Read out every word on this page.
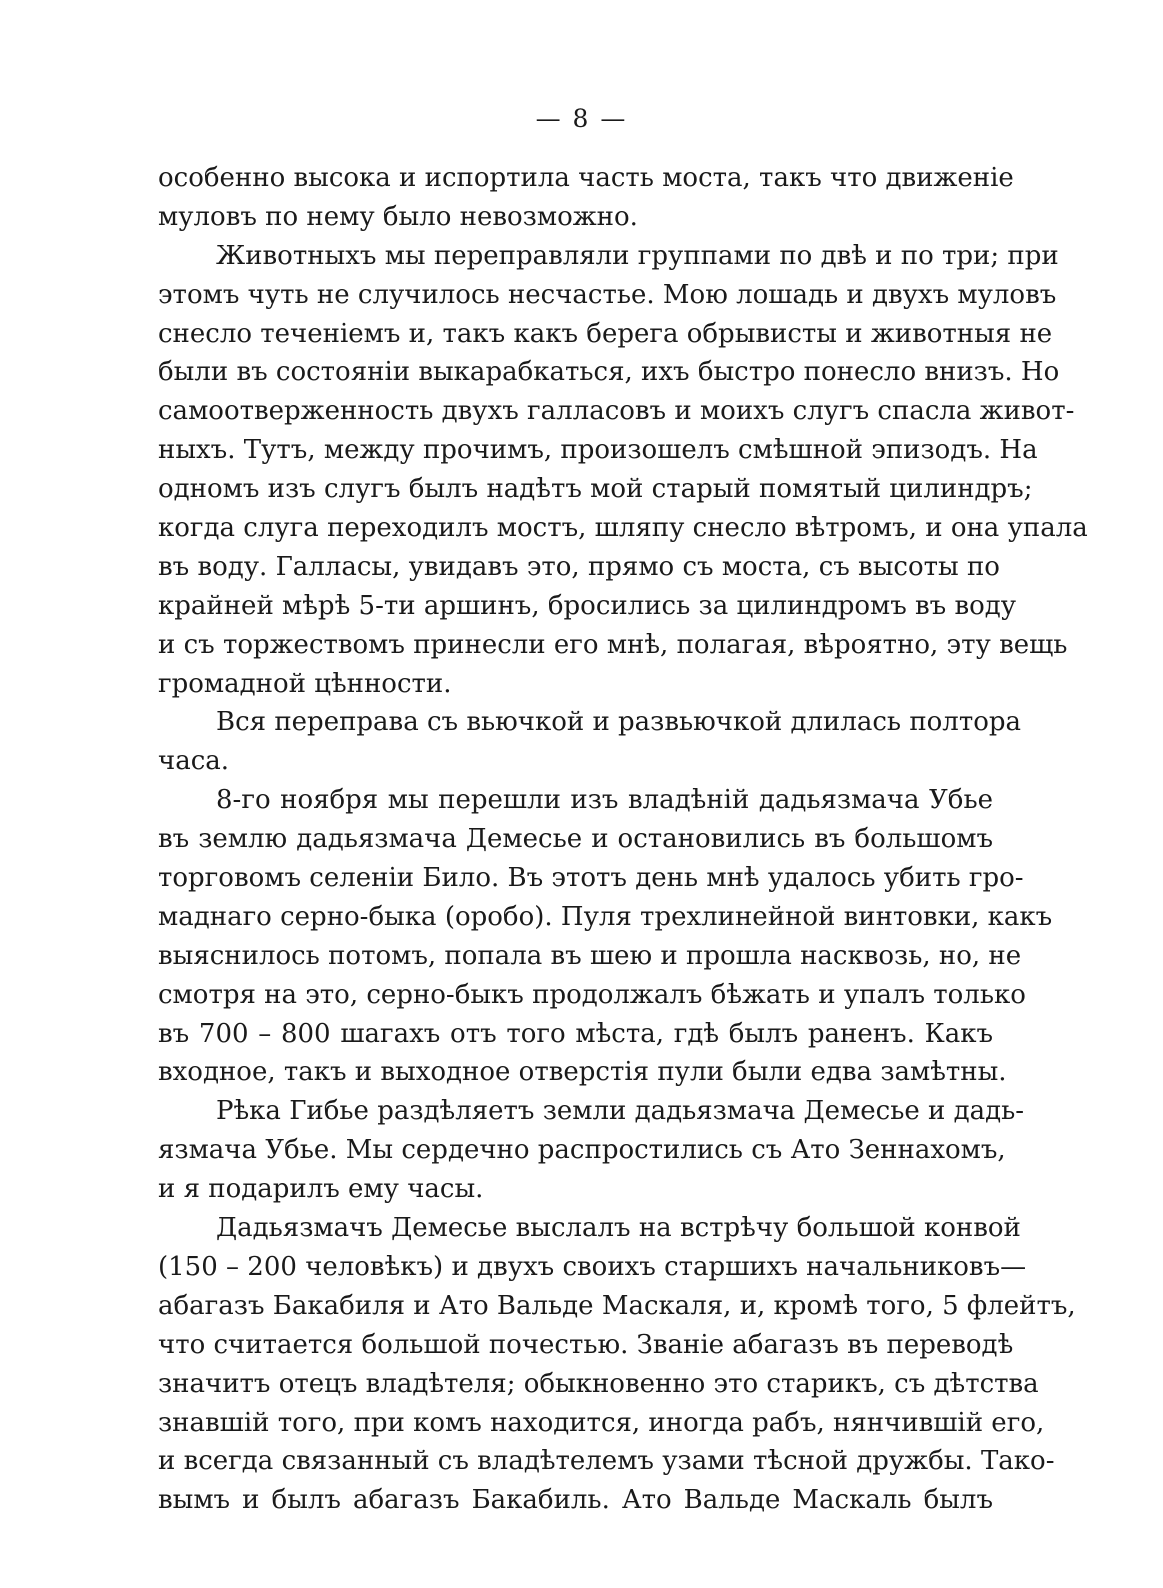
— 8 —
особенно высока и испортила часть моста, такъ что движеніе
муловъ по нему было невозможно.
Животныхъ мы переправляли группами по двѣ и по три; при
этомъ чуть не случилось несчастье. Мою лошадь и двухъ муловъ
снесло теченіемъ и, такъ какъ берега обрывисты и животныя не
были въ состояніи выкарабкаться, ихъ быстро понесло внизъ. Но
самоотверженность двухъ галласовъ и моихъ слугъ спасла живот-
ныхъ. Тутъ, между прочимъ, произошелъ смѣшной эпизодъ. На
одномъ изъ слугъ былъ надѣтъ мой старый помятый цилиндръ;
когда слуга переходилъ мостъ, шляпу снесло вѣтромъ, и она упала
въ воду. Галласы, увидавъ это, прямо съ моста, съ высоты по
крайней мѣрѣ 5-ти аршинъ, бросились за цилиндромъ въ воду
и съ торжествомъ принесли его мнѣ, полагая, вѣроятно, эту вещь
громадной цѣнности.
Вся переправа съ вьючкой и развьючкой длилась полтора
часа.
8-го ноября мы перешли изъ владѣній дадьязмача Убье
въ землю дадьязмача Демесье и остановились въ большомъ
торговомъ селеніи Било. Въ этотъ день мнѣ удалось убить гро-
маднаго серно-быка (оробо). Пуля трехлинейной винтовки, какъ
выяснилось потомъ, попала въ шею и прошла насквозь, но, не
смотря на это, серно-быкъ продолжалъ бѣжать и упалъ только
въ 700 – 800 шагахъ отъ того мѣста, гдѣ былъ раненъ. Какъ
входное, такъ и выходное отверстія пули были едва замѣтны.
Рѣка Гибье раздѣляетъ земли дадьязмача Демесье и дадь-
язмача Убье. Мы сердечно распростились съ Ато Зеннахомъ,
и я подарилъ ему часы.
Дадьязмачъ Демесье выслалъ на встрѣчу большой конвой
(150 – 200 человѣкъ) и двухъ своихъ старшихъ начальниковъ—
абагазъ Бакабиля и Ато Вальде Маскаля, и, кромѣ того, 5 флейтъ,
что считается большой почестью. Званіе абагазъ въ переводѣ
значитъ отецъ владѣтеля; обыкновенно это старикъ, съ дѣтства
знавшій того, при комъ находится, иногда рабъ, нянчившій его,
и всегда связанный съ владѣтелемъ узами тѣсной дружбы. Тако-
вымъ и былъ абагазъ Бакабиль. Ато Вальде Маскаль былъ
